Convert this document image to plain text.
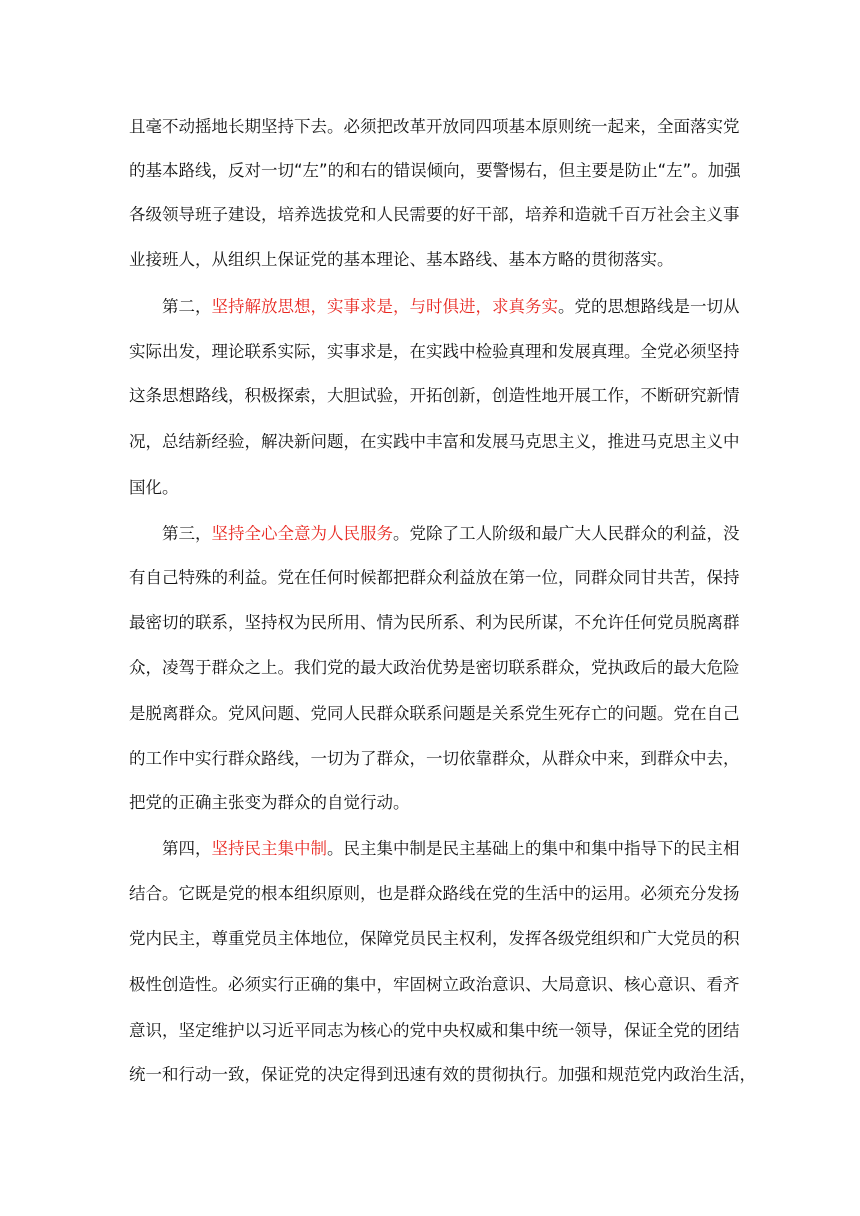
且毫不动摇地长期坚持下去。必须把改革开放同四项基本原则统一起来，全面落实党
的基本路线，反对一切“左”的和右的错误倾向，要警惕右，但主要是防止“左”。加强
各级领导班子建设，培养选拔党和人民需要的好干部，培养和造就千百万社会主义事
业接班人，从组织上保证党的基本理论、基本路线、基本方略的贯彻落实。
第二，坚持解放思想，实事求是，与时俱进，求真务实。党的思想路线是一切从
实际出发，理论联系实际，实事求是，在实践中检验真理和发展真理。全党必须坚持
这条思想路线，积极探索，大胆试验，开拓创新，创造性地开展工作，不断研究新情
况，总结新经验，解决新问题，在实践中丰富和发展马克思主义，推进马克思主义中
国化。
第三，坚持全心全意为人民服务。党除了工人阶级和最广大人民群众的利益，没
有自己特殊的利益。党在任何时候都把群众利益放在第一位，同群众同甘共苦，保持
最密切的联系，坚持权为民所用、情为民所系、利为民所谋，不允许任何党员脱离群
众，凌驾于群众之上。我们党的最大政治优势是密切联系群众，党执政后的最大危险
是脱离群众。党风问题、党同人民群众联系问题是关系党生死存亡的问题。党在自己
的工作中实行群众路线，一切为了群众，一切依靠群众，从群众中来，到群众中去，
把党的正确主张变为群众的自觉行动。
第四，坚持民主集中制。民主集中制是民主基础上的集中和集中指导下的民主相
结合。它既是党的根本组织原则，也是群众路线在党的生活中的运用。必须充分发扬
党内民主，尊重党员主体地位，保障党员民主权利，发挥各级党组织和广大党员的积
极性创造性。必须实行正确的集中，牢固树立政治意识、大局意识、核心意识、看齐
意识，坚定维护以习近平同志为核心的党中央权威和集中统一领导，保证全党的团结
统一和行动一致，保证党的决定得到迅速有效的贯彻执行。加强和规范党内政治生活，
